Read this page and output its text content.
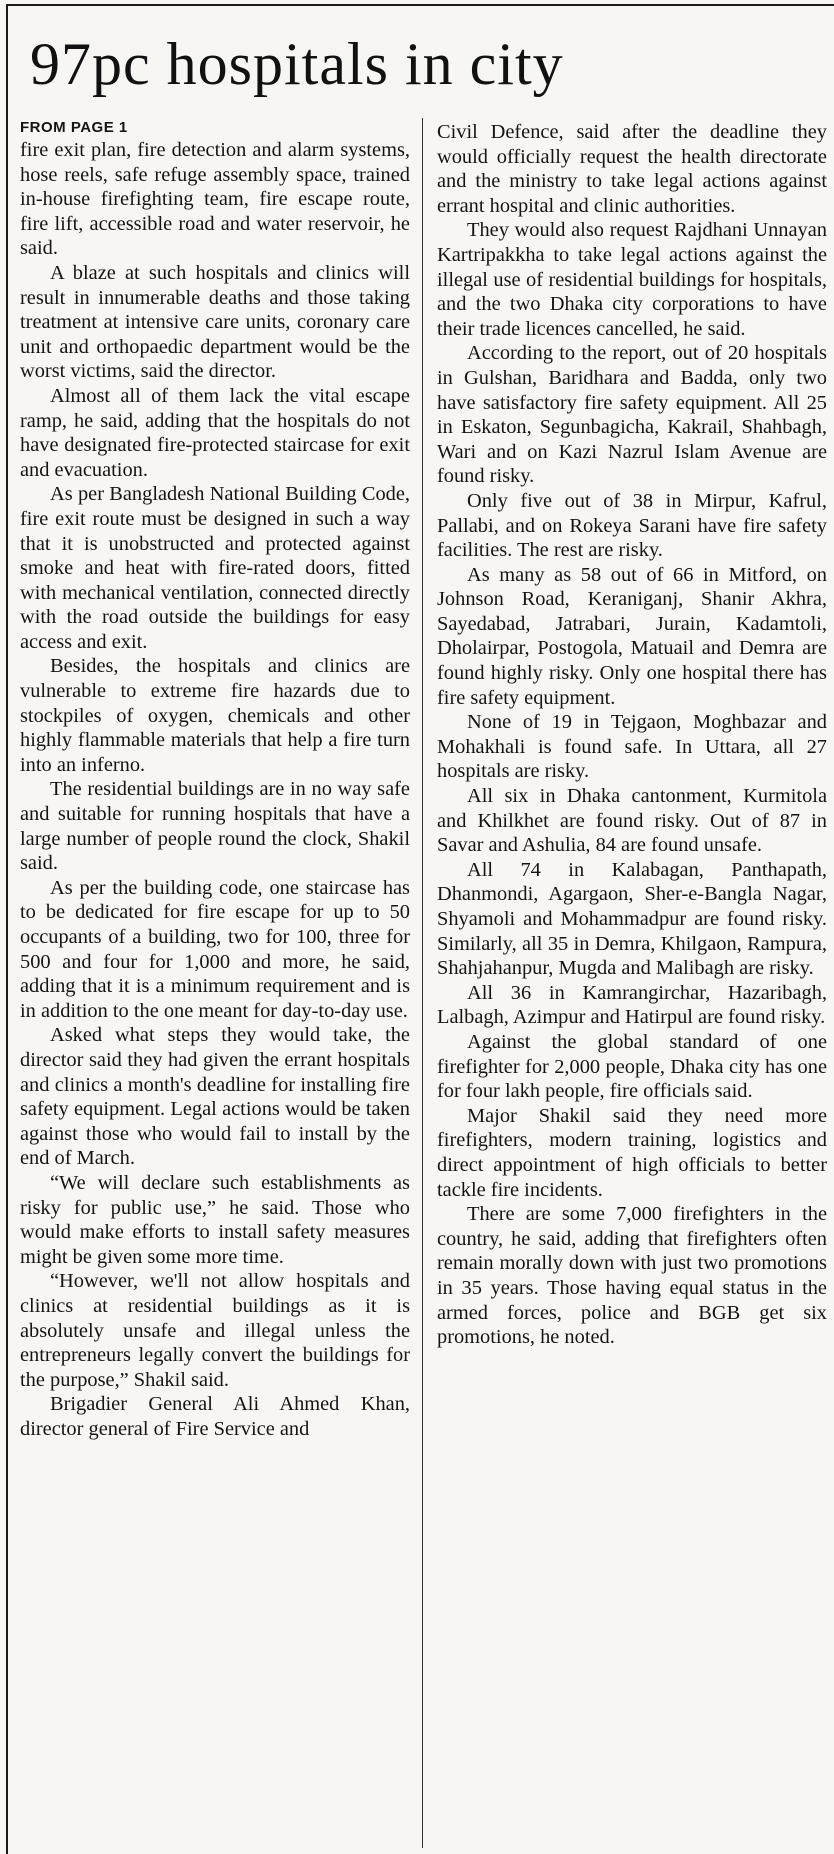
97pc hospitals in city
FROM PAGE 1

fire exit plan, fire detection and alarm systems, hose reels, safe refuge assembly space, trained in-house firefighting team, fire escape route, fire lift, accessible road and water reservoir, he said.

A blaze at such hospitals and clinics will result in innumerable deaths and those taking treatment at intensive care units, coronary care unit and orthopaedic department would be the worst victims, said the director.

Almost all of them lack the vital escape ramp, he said, adding that the hospitals do not have designated fire-protected staircase for exit and evacuation.

As per Bangladesh National Building Code, fire exit route must be designed in such a way that it is unobstructed and protected against smoke and heat with fire-rated doors, fitted with mechanical ventilation, connected directly with the road outside the buildings for easy access and exit.

Besides, the hospitals and clinics are vulnerable to extreme fire hazards due to stockpiles of oxygen, chemicals and other highly flammable materials that help a fire turn into an inferno.

The residential buildings are in no way safe and suitable for running hospitals that have a large number of people round the clock, Shakil said.

As per the building code, one staircase has to be dedicated for fire escape for up to 50 occupants of a building, two for 100, three for 500 and four for 1,000 and more, he said, adding that it is a minimum requirement and is in addition to the one meant for day-to-day use.

Asked what steps they would take, the director said they had given the errant hospitals and clinics a month's deadline for installing fire safety equipment. Legal actions would be taken against those who would fail to install by the end of March.

“We will declare such establishments as risky for public use,” he said. Those who would make efforts to install safety measures might be given some more time.

“However, we'll not allow hospitals and clinics at residential buildings as it is absolutely unsafe and illegal unless the entrepreneurs legally convert the buildings for the purpose,” Shakil said.

Brigadier General Ali Ahmed Khan, director general of Fire Service and

Civil Defence, said after the deadline they would officially request the health directorate and the ministry to take legal actions against errant hospital and clinic authorities.

They would also request Rajdhani Unnayan Kartripakkha to take legal actions against the illegal use of residential buildings for hospitals, and the two Dhaka city corporations to have their trade licences cancelled, he said.

According to the report, out of 20 hospitals in Gulshan, Baridhara and Badda, only two have satisfactory fire safety equipment. All 25 in Eskaton, Segunbagicha, Kakrail, Shahbagh, Wari and on Kazi Nazrul Islam Avenue are found risky.

Only five out of 38 in Mirpur, Kafrul, Pallabi, and on Rokeya Sarani have fire safety facilities. The rest are risky.

As many as 58 out of 66 in Mitford, on Johnson Road, Keraniganj, Shanir Akhra, Sayedabad, Jatrabari, Jurain, Kadamtoli, Dholairpar, Postogola, Matuail and Demra are found highly risky. Only one hospital there has fire safety equipment.

None of 19 in Tejgaon, Moghbazar and Mohakhali is found safe. In Uttara, all 27 hospitals are risky.

All six in Dhaka cantonment, Kurmitola and Khilkhet are found risky. Out of 87 in Savar and Ashulia, 84 are found unsafe.

All 74 in Kalabagan, Panthapath, Dhanmondi, Agargaon, Sher-e-Bangla Nagar, Shyamoli and Mohammadpur are found risky. Similarly, all 35 in Demra, Khilgaon, Rampura, Shahjahanpur, Mugda and Malibagh are risky.

All 36 in Kamrangirchar, Hazaribagh, Lalbagh, Azimpur and Hatirpul are found risky.

Against the global standard of one firefighter for 2,000 people, Dhaka city has one for four lakh people, fire officials said.

Major Shakil said they need more firefighters, modern training, logistics and direct appointment of high officials to better tackle fire incidents.

There are some 7,000 firefighters in the country, he said, adding that firefighters often remain morally down with just two promotions in 35 years. Those having equal status in the armed forces, police and BGB get six promotions, he noted.
